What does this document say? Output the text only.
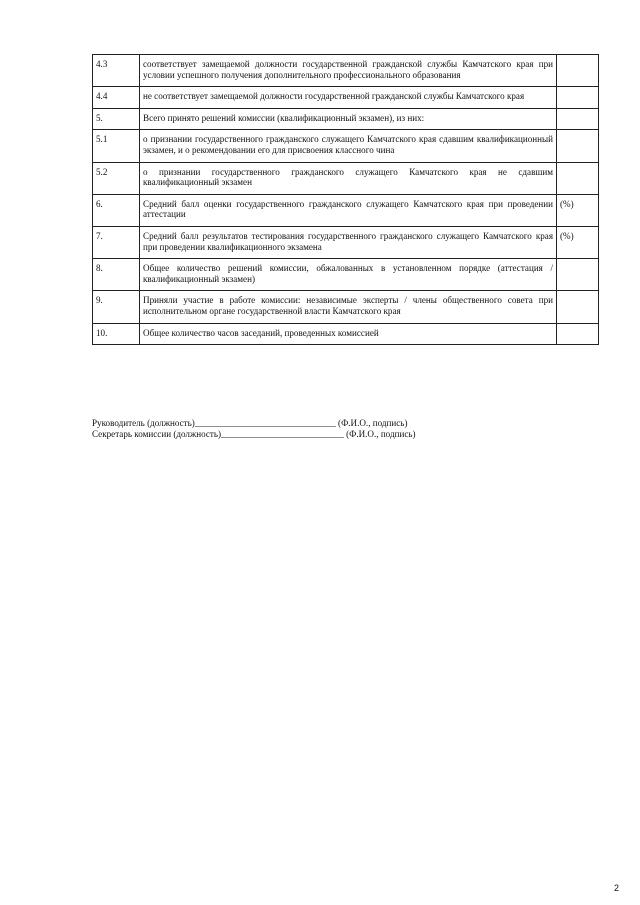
4.3	соответствует замещаемой должности государственной гражданской службы Камчатского края при условии успешного получения дополнительного профессионального образования	
4.4	не соответствует замещаемой должности государственной гражданской службы Камчатского края	
5.	Всего принято решений комиссии (квалификационный экзамен), из них:	
5.1	о признании государственного гражданского служащего Камчатского края сдавшим квалификационный экзамен, и о рекомендовании его для присвоения классного чина	
5.2	о признании государственного гражданского служащего Камчатского края не сдавшим квалификационный экзамен	
6.	Средний балл оценки государственного гражданского служащего Камчатского края при проведении аттестации	(%)
7.	Средний балл результатов тестирования государственного гражданского служащего Камчатского края при проведении квалификационного экзамена	(%)
8.	Общее количество решений комиссии, обжалованных в установленном порядке (аттестация /квалификационный экзамен)	
9.	Приняли участие в работе комиссии: независимые эксперты / члены общественного совета при исполнительном органе государственной власти Камчатского края	
10.	Общее количество часов заседаний, проведенных комиссией	
Руководитель (должность)_______________________________ (Ф.И.О., подпись)
Секретарь комиссии (должность)___________________________ (Ф.И.О., подпись)
2
